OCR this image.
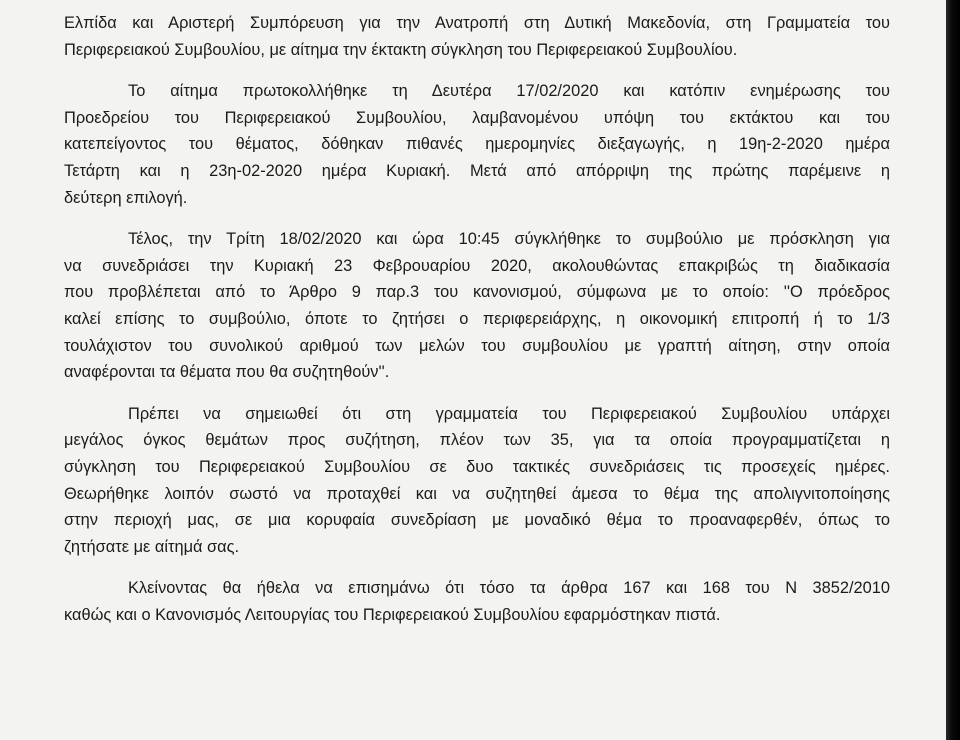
Ελπίδα και Αριστερή Συμπόρευση για την Ανατροπή στη Δυτική Μακεδονία, στη Γραμματεία του
Περιφερειακού Συμβουλίου, με αίτημα την έκτακτη σύγκληση του Περιφερειακού Συμβουλίου.
Το αίτημα πρωτοκολλήθηκε τη Δευτέρα 17/02/2020 και κατόπιν ενημέρωσης του
Προεδρείου του Περιφερειακού Συμβουλίου, λαμβανομένου υπόψη του εκτάκτου και του
κατεπείγοντος του θέματος, δόθηκαν πιθανές ημερομηνίες διεξαγωγής, η 19η-2-2020 ημέρα
Τετάρτη και η 23η-02-2020 ημέρα Κυριακή. Μετά από απόρριψη της πρώτης παρέμεινε η
δεύτερη επιλογή.
Τέλος, την Τρίτη 18/02/2020 και ώρα 10:45 σύγκλήθηκε το συμβούλιο με πρόσκληση για
να συνεδριάσει την Κυριακή 23 Φεβρουαρίου 2020, ακολουθώντας επακριβώς τη διαδικασία
που προβλέπεται από το Άρθρο 9 παρ.3 του κανονισμού, σύμφωνα με το οποίο: ''Ο πρόεδρος
καλεί επίσης το συμβούλιο, όποτε το ζητήσει ο περιφερειάρχης, η οικονομική επιτροπή ή το 1/3
τουλάχιστον του συνολικού αριθμού των μελών του συμβουλίου με γραπτή αίτηση, στην οποία
αναφέρονται τα θέματα που θα συζητηθούν''.
Πρέπει να σημειωθεί ότι στη γραμματεία του Περιφερειακού Συμβουλίου υπάρχει
μεγάλος όγκος θεμάτων προς συζήτηση, πλέον των 35, για τα οποία προγραμματίζεται η
σύγκληση του Περιφερειακού Συμβουλίου σε δυο τακτικές συνεδριάσεις τις προσεχείς ημέρες.
Θεωρήθηκε λοιπόν σωστό να προταχθεί και να συζητηθεί άμεσα το θέμα της απολιγνιτοποίησης
στην περιοχή μας, σε μια κορυφαία συνεδρίαση με μοναδικό θέμα το προαναφερθέν, όπως το
ζητήσατε με αίτημά σας.
Κλείνοντας θα ήθελα να επισημάνω ότι τόσο τα άρθρα 167 και 168 του Ν 3852/2010
καθώς και ο Κανονισμός Λειτουργίας του Περιφερειακού Συμβουλίου εφαρμόστηκαν πιστά.
